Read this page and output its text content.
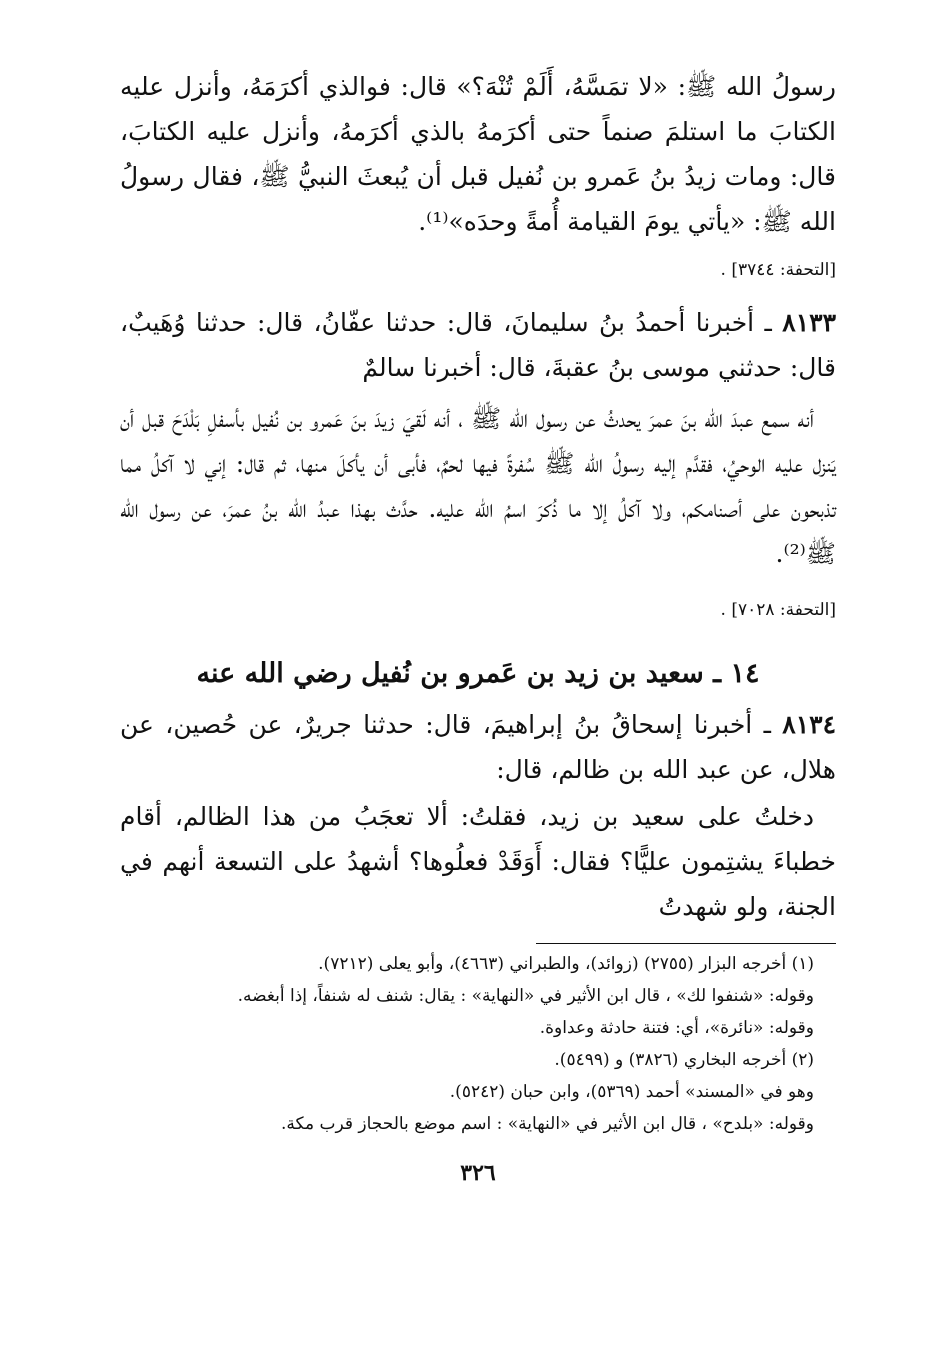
رسولُ الله ﷺ: «لا تمَسَّهُ، أَلَمْ تُنْهَ؟» قال: فوالذي أكرَمَهُ، وأنزل عليه الكتابَ ما استلمَ صنماً حتى أكرَمهُ بالذي أكرَمهُ، وأنزل عليه الكتابَ، قال: ومات زيدُ بنُ عَمرو بن نُفيل قبل أن يُبعثَ النبيُّ ﷺ، فقال رسولُ الله ﷺ: «يأتي يومَ القيامة أُمةً وحدَه»⁽¹⁾.

[التحفة: ٣٧٤٤] .

٨١٣٣ ـ أخبرنا أحمدُ بنُ سليمانَ، قال: حدثنا عفّانُ، قال: حدثنا وُهَيبٌ، قال: حدثني موسى بنُ عقبةَ، قال: أخبرنا سالمٌ

أنه سمع عبدَ الله بنَ عمرَ يحدثُ عن رسول الله ﷺ ، أنه لَقيَ زيدَ بنَ عَمرو بن نُفيل بأسفلِ بَلْدَحَ قبل أن يَنزل عليه الوحيُ، فقدَّم إليه رسولُ الله ﷺ سُفرةً فيها لحمٌ، فأبى أن يأكلَ منها، ثم قال: إني لا آكلُ مما تذبحون على أصنامكم، ولا آكلُ إلا ما ذُكرَ اسمُ الله عليه. حدَّث بهذا عبدُ الله بنُ عمرَ، عن رسول الله ﷺ⁽²⁾.

[التحفة: ٧٠٢٨] .

١٤ ـ سعيد بن زيد بن عَمرو بن نُفيل رضي الله عنه

٨١٣٤ ـ أخبرنا إسحاقُ بنُ إبراهيمَ، قال: حدثنا جريرٌ، عن حُصين، عن هلال، عن عبد الله بن ظالم، قال:

دخلتُ على سعيد بن زيد، فقلتُ: ألا تعجَبُ من هذا الظالم، أقام خطباءَ يشتِمون عليًّا؟ فقال: أَوَقَدْ فعلُوها؟ أشهدُ على التسعة أنهم في الجنة، ولو شهدتُ

(١) أخرجه البزار (٢٧٥٥) (زوائد)، والطبراني (٤٦٦٣)، وأبو يعلى (٧٢١٢).

وقوله: «شنفوا لك» ، قال ابن الأثير في «النهاية» : يقال: شنف له شنفاً، إذا أبغضه.

وقوله: «نائرة»، أي: فتنة حادثة وعداوة.

(٢) أخرجه البخاري (٣٨٢٦) و (٥٤٩٩).

وهو في «المسند» أحمد (٥٣٦٩)، وابن حبان (٥٢٤٢).

وقوله: «بلدح» ، قال ابن الأثير في «النهاية» : اسم موضع بالحجاز قرب مكة.

٣٢٦
